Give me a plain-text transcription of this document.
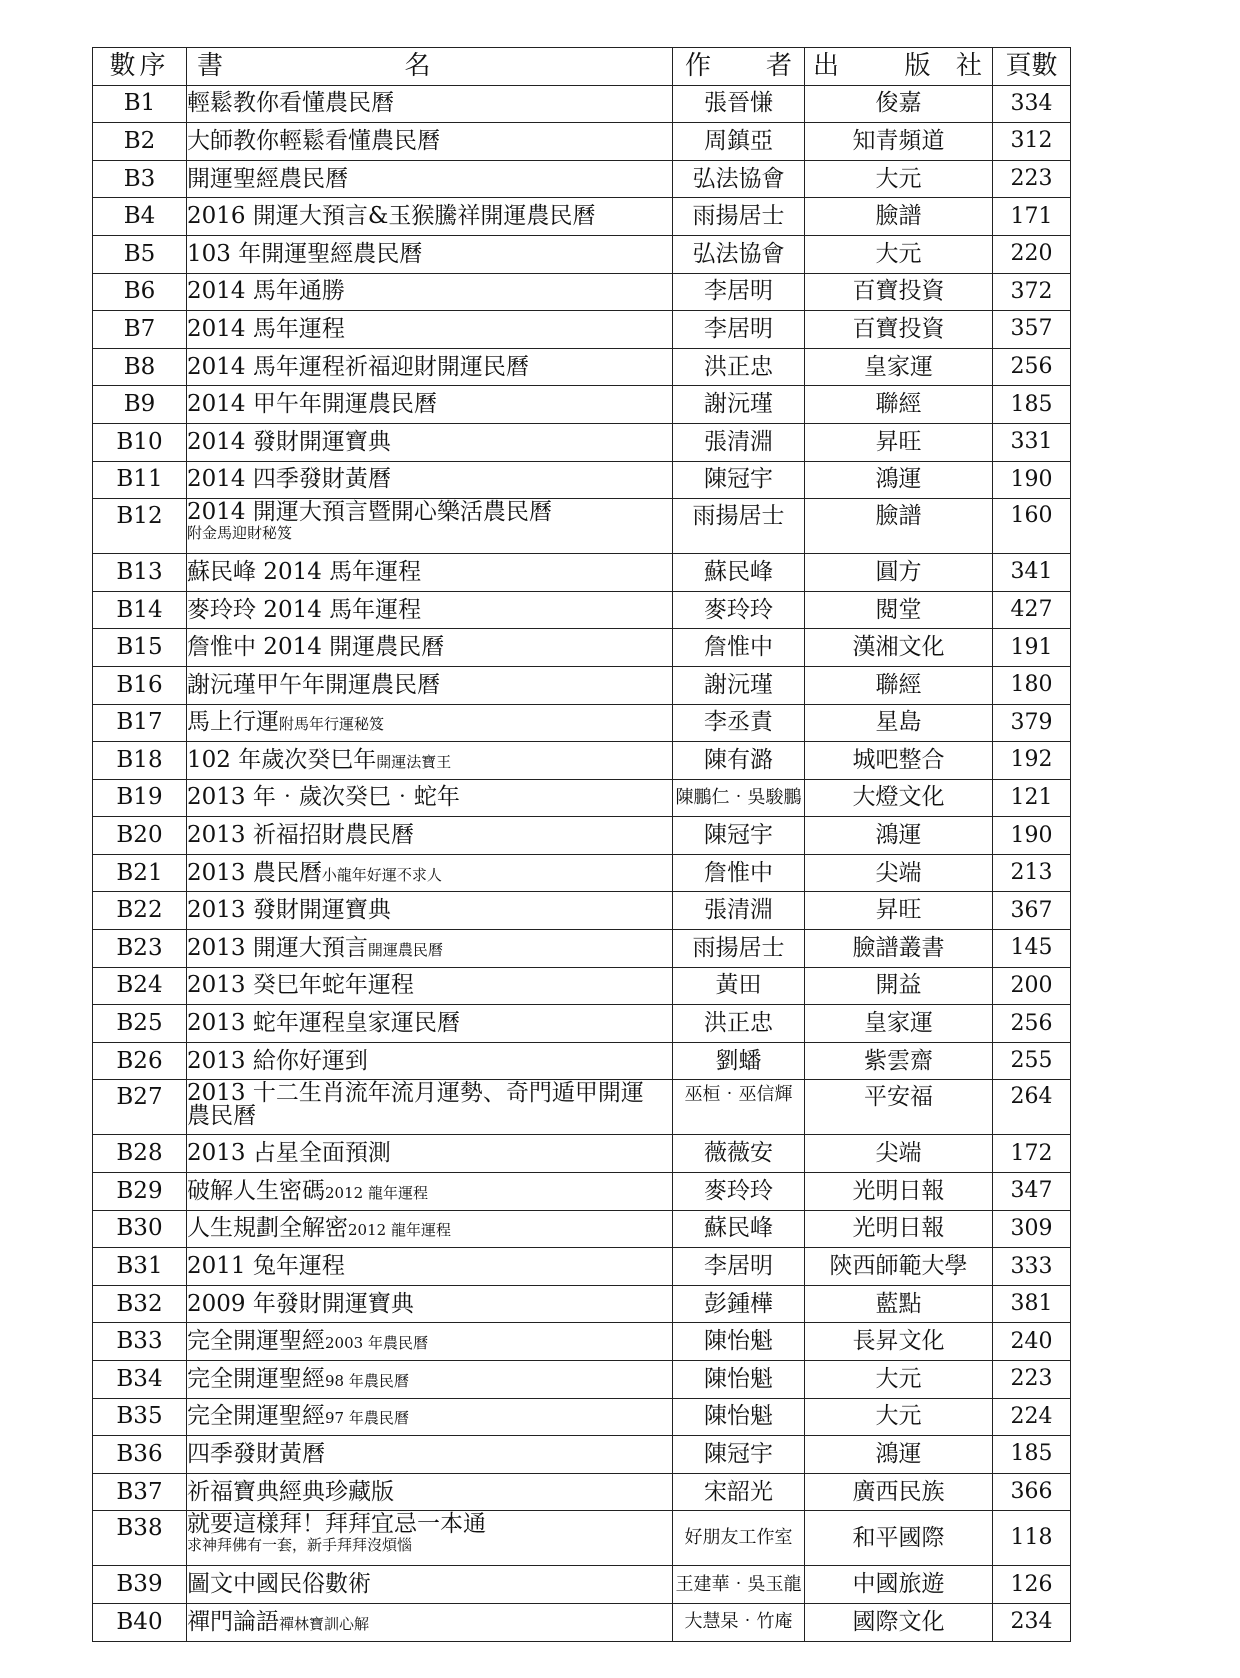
數序	書 名	作 者	出 版 社	頁數
B1	輕鬆教你看懂農民曆	張晉慊	俊嘉	334
B2	大師教你輕鬆看懂農民曆	周鎮亞	知青頻道	312
B3	開運聖經農民曆	弘法協會	大元	223
B4	2016 開運大預言&玉猴騰祥開運農民曆	雨揚居士	臉譜	171
B5	103 年開運聖經農民曆	弘法協會	大元	220
B6	2014 馬年通勝	李居明	百寶投資	372
B7	2014 馬年運程	李居明	百寶投資	357
B8	2014 馬年運程祈福迎財開運民曆	洪正忠	皇家運	256
B9	2014 甲午年開運農民曆	謝沅瑾	聯經	185
B10	2014 發財開運寶典	張清淵	昇旺	331
B11	2014 四季發財黃曆	陳冠宇	鴻運	190
B12	2014 開運大預言暨開心樂活農民曆
附金馬迎財秘笈	雨揚居士	臉譜	160
B13	蘇民峰 2014 馬年運程	蘇民峰	圓方	341
B14	麥玲玲 2014 馬年運程	麥玲玲	閱堂	427
B15	詹惟中 2014 開運農民曆	詹惟中	漢湘文化	191
B16	謝沅瑾甲午年開運農民曆	謝沅瑾	聯經	180
B17	馬上行運附馬年行運秘笈	李丞責	星島	379
B18	102 年歲次癸巳年開運法寶王	陳有潞	城吧整合	192
B19	2013 年‧歲次癸巳‧蛇年	陳鵬仁‧吳駿鵬	大燈文化	121
B20	2013 祈福招財農民曆	陳冠宇	鴻運	190
B21	2013 農民曆小龍年好運不求人	詹惟中	尖端	213
B22	2013 發財開運寶典	張清淵	昇旺	367
B23	2013 開運大預言開運農民曆	雨揚居士	臉譜叢書	145
B24	2013 癸巳年蛇年運程	黃田	開益	200
B25	2013 蛇年運程皇家運民曆	洪正忠	皇家運	256
B26	2013 給你好運到	劉蟠	紫雲齋	255
B27	2013 十二生肖流年流月運勢、奇門遁甲開運
農民曆	巫桓‧巫信輝	平安福	264
B28	2013 占星全面預測	薇薇安	尖端	172
B29	破解人生密碼2012 龍年運程	麥玲玲	光明日報	347
B30	人生規劃全解密2012 龍年運程	蘇民峰	光明日報	309
B31	2011 兔年運程	李居明	陝西師範大學	333
B32	2009 年發財開運寶典	彭鍾樺	藍點	381
B33	完全開運聖經2003 年農民曆	陳怡魁	長昇文化	240
B34	完全開運聖經98 年農民曆	陳怡魁	大元	223
B35	完全開運聖經97 年農民曆	陳怡魁	大元	224
B36	四季發財黃曆	陳冠宇	鴻運	185
B37	祈福寶典經典珍藏版	宋韶光	廣西民族	366
B38	就要這樣拜！拜拜宜忌一本通
求神拜佛有一套，新手拜拜沒煩惱	好朋友工作室	和平國際	118
B39	圖文中國民俗數術	王建華‧吳玉龍	中國旅遊	126
B40	禪門論語禪林寶訓心解	大慧杲‧竹庵	國際文化	234
